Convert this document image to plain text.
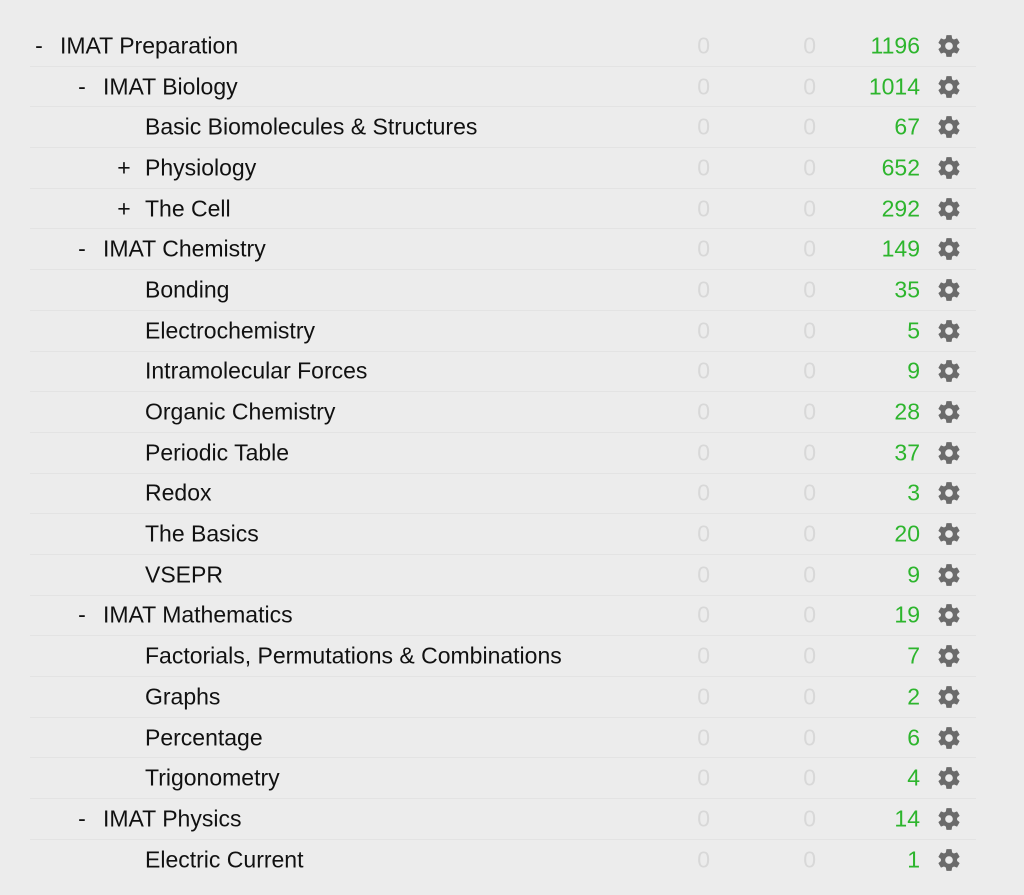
- IMAT Preparation	0	0	1196
- IMAT Biology	0	0	1014
Basic Biomolecules & Structures	0	0	67
+ Physiology	0	0	652
+ The Cell	0	0	292
- IMAT Chemistry	0	0	149
Bonding	0	0	35
Electrochemistry	0	0	5
Intramolecular Forces	0	0	9
Organic Chemistry	0	0	28
Periodic Table	0	0	37
Redox	0	0	3
The Basics	0	0	20
VSEPR	0	0	9
- IMAT Mathematics	0	0	19
Factorials, Permutations & Combinations	0	0	7
Graphs	0	0	2
Percentage	0	0	6
Trigonometry	0	0	4
- IMAT Physics	0	0	14
Electric Current	0	0	1
